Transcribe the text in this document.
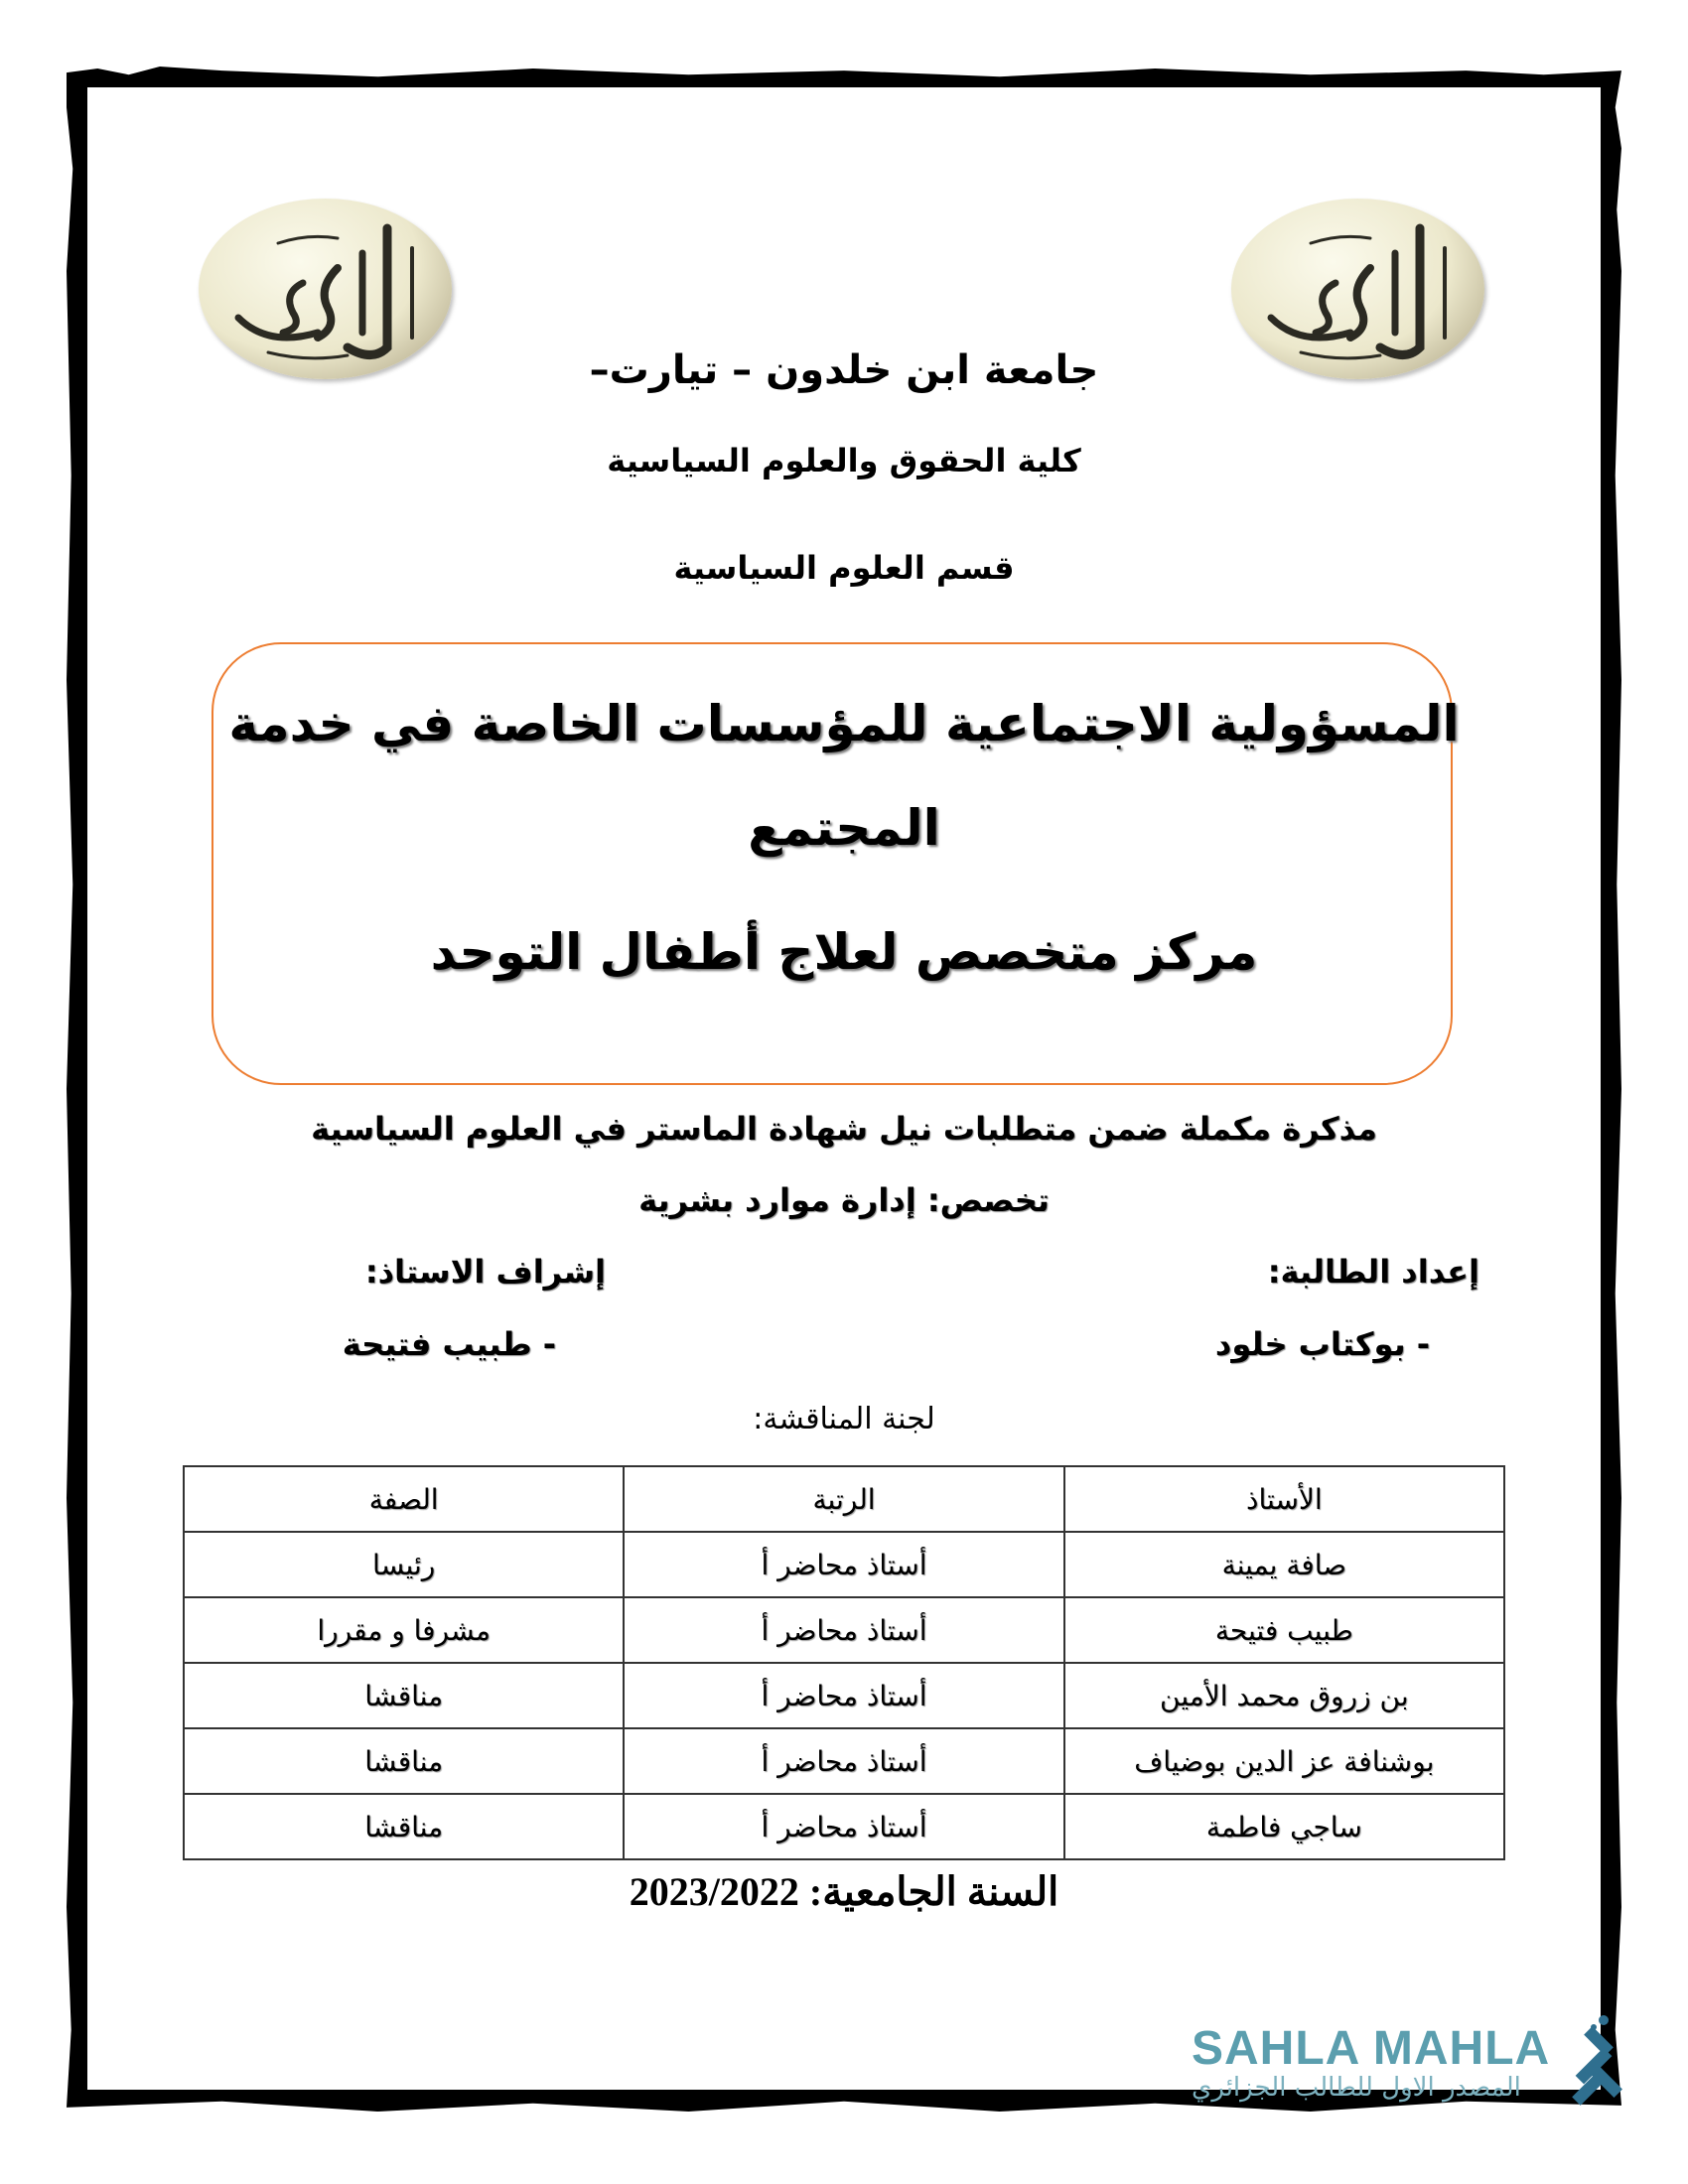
جامعة ابن خلدون – تيارت–
كلية الحقوق والعلوم السياسية
قسم العلوم السياسية
المسؤولية الاجتماعية للمؤسسات الخاصة في خدمة
المجتمع
مركز متخصص لعلاج أطفال التوحد
مذكرة مكملة ضمن متطلبات نيل شهادة الماستر في العلوم السياسية
تخصص: إدارة موارد بشرية
إعداد الطالبة:
إشراف الاستاذ:
- بوكتاب خلود
- طبيب فتيحة
لجنة المناقشة:
الأستاذ	الرتبة	الصفة
صافة يمينة	أستاذ محاضر أ	رئيسا
طبيب فتيحة	أستاذ محاضر أ	مشرفا و مقررا
بن زروق محمد الأمين	أستاذ محاضر أ	مناقشا
بوشنافة عز الدين بوضياف	أستاذ محاضر أ	مناقشا
ساجي فاطمة	أستاذ محاضر أ	مناقشا
السنة الجامعية: 2023/2022
SAHLA MAHLA
المصدر الاول للطالب الجزائري
